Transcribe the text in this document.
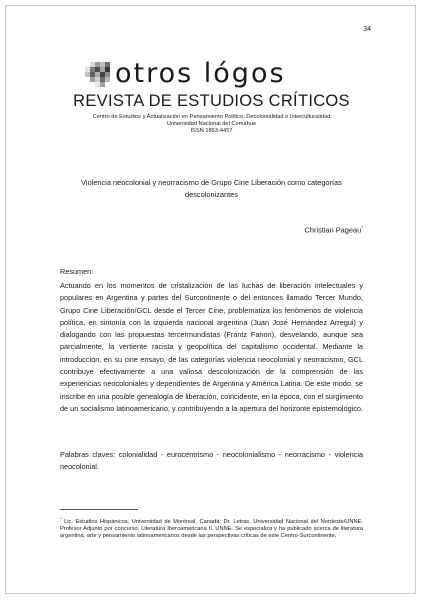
34
otros lógos
REVISTA DE ESTUDIOS CRÍTICOS
Centro de Estudios y Actualización en Pensamiento Político, Decolonialidad e Interculturalidad
Universidad Nacional del Comahue
ISSN 1853-4457
Violencia neocolonial y neorracismo de Grupo Cine Liberación como categorías descolonizantes
Christian Pageau*
Resumen:
Actuando en los momentos de cristalización de las luchas de liberación intelectuales y populares en Argentina y partes del Surcontinente o del entonces llamado Tercer Mundo, Grupo Cine Liberación/GCL desde el Tercer Cine, problematiza los fenómenos de violencia política, en sintonía con la izquierda nacional argentina (Juan José Hernández Arregui) y dialogando con las propuestas tercermundistas (Frantz Fanon), desvelando, aunque sea parcialmente, la vertiente racista y geopolítica del capitalismo occidental. Mediante la introducción, en su cine ensayo, de las categorías violencia neocolonial y neorracismo, GCL contribuye efectivamente a una valiosa descolonización de la comprensión de las experiencias neocoloniales y dependientes de Argentina y América Latina. De este modo, se inscribe en una posible genealogía de liberación, coincidente, en la época, con el surgimiento de un socialismo latinoamericano, y contribuyendo a la apertura del horizonte epistemológico.
Palabras claves: colonialidad - eurocentrismo - neocolonialismo - neorracismo - violencia neocolonial.
* Lic. Estudios Hispánicos, Universidad de Montreal, Canadá; Dr. Letras, Universidad Nacional del Nordeste/UNNE. Profesor Adjunto por concurso, Literatura Iberoamericana II, UNNE. Se especializa y ha publicado acerca de literatura argentina, arte y pensamiento latinoamericanos desde las perspectivas críticas de este Centro-Surcontinente.
